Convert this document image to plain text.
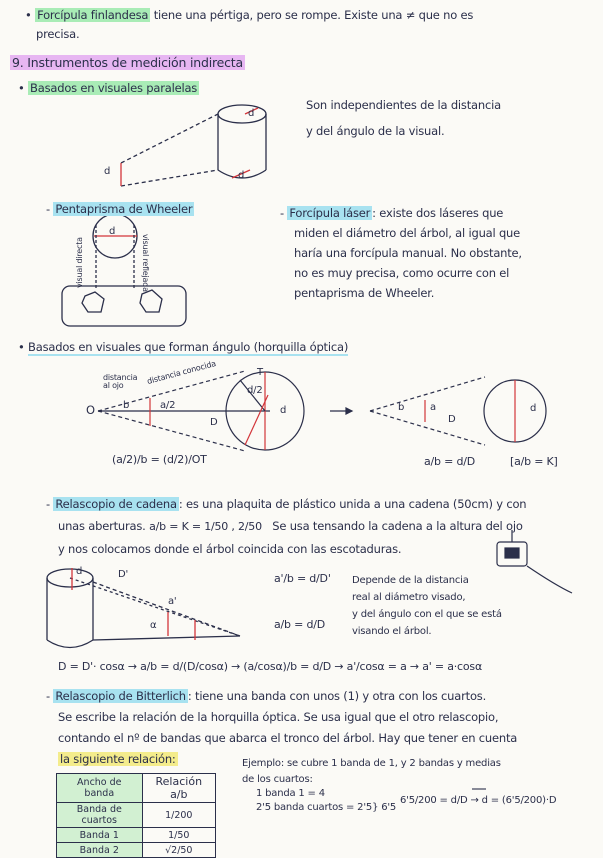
• Forcípula finlandesa tiene una pértiga, pero se rompe. Existe una ≠ que no es
precisa.
9. Instrumentos de medición indirecta
• Basados en visuales paralelas
Son independientes de la distancia
y del ángulo de la visual.
d
d	d
- Pentaprisma de Wheeler
d
visual directa	visual reflejada
- Forcípula láser : existe dos láseres que
miden el diámetro del árbol, al igual que
haría una forcípula manual. No obstante,
no es muy precisa, como ocurre con el
pentaprisma de Wheeler.
• Basados en visuales que forman ángulo (horquilla óptica)
distancia al ojo	distancia conocida
O	b	a/2
D
T
d/2
d	b	a
D
d
(a/2)/b = (d/2)/OT	a/b = d/D	[a/b = K]
- Relascopio de cadena : es una plaquita de plástico unida a una cadena (50cm) y con
unas aberturas. a/b = K = 1/50 , 2/50 Se usa tensando la cadena a la altura del ojo
y nos colocamos donde el árbol coincida con las escotaduras.
D'
a'
α
d
a'/b = d/D'
a/b = d/D
Depende de la distancia
real al diámetro visado,
y del ángulo con el que se está
visando el árbol.
D = D'· cosα → a/b = d/(D/cosα) → (a/cosα)/b = d/D → a'/cosα = a → a' = a·cosα
- Relascopio de Bitterlich : tiene una banda con unos (1) y otra con los cuartos.
Se escribe la relación de la horquilla óptica. Se usa igual que el otro relascopio,
contando el nº de bandas que abarca el tronco del árbol. Hay que tener en cuenta
la siguiente relación:
Ancho de banda	Relación a/b
Banda de cuartos	1/200
Banda 1	1/50
Banda 2	√2/50
Ejemplo: se cubre 1 banda de 1, y 2 bandas y medias
de los cuartos:
1 banda 1 = 4
2'5 banda cuartos = 2'5} 6'5
6'5/200 = d/D → d = (6'5/200)·D
